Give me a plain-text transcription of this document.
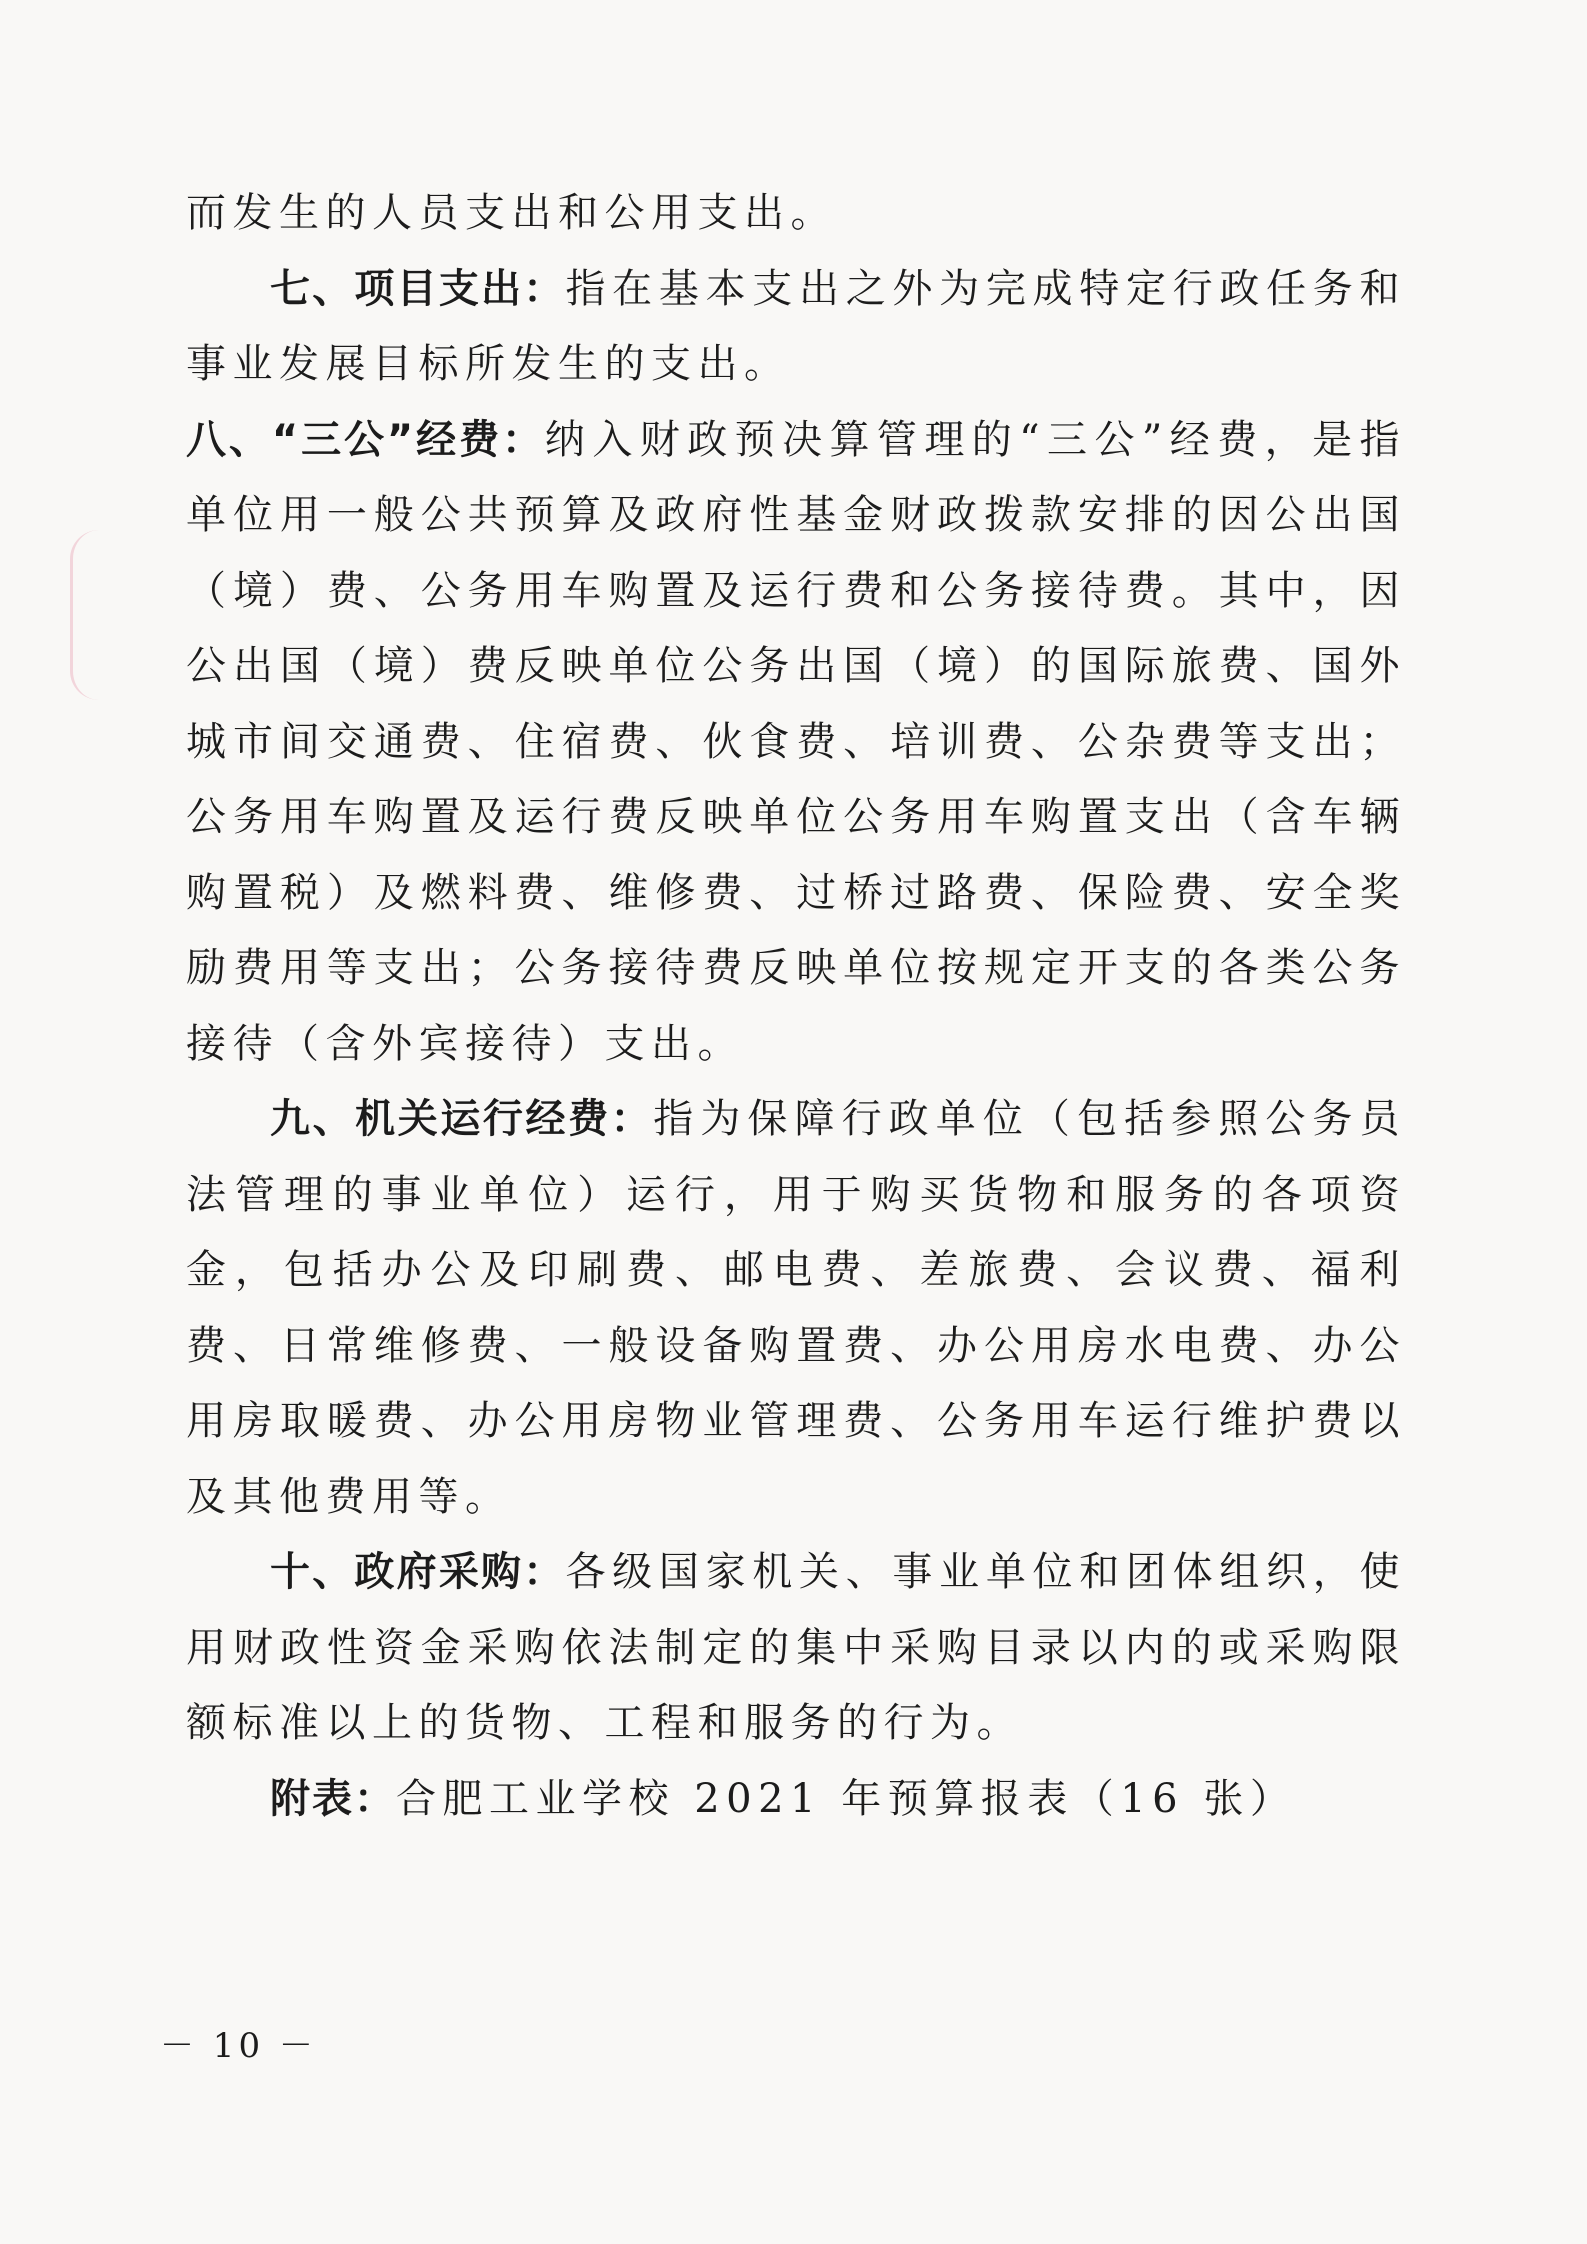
而发生的人员支出和公用支出。

七、项目支出：指在基本支出之外为完成特定行政任务和事业发展目标所发生的支出。

八、“三公”经费：纳入财政预决算管理的“三公”经费，是指单位用一般公共预算及政府性基金财政拨款安排的因公出国（境）费、公务用车购置及运行费和公务接待费。其中，因公出国（境）费反映单位公务出国（境）的国际旅费、国外城市间交通费、住宿费、伙食费、培训费、公杂费等支出；公务用车购置及运行费反映单位公务用车购置支出（含车辆购置税）及燃料费、维修费、过桥过路费、保险费、安全奖励费用等支出；公务接待费反映单位按规定开支的各类公务接待（含外宾接待）支出。

九、机关运行经费：指为保障行政单位（包括参照公务员法管理的事业单位）运行，用于购买货物和服务的各项资金，包括办公及印刷费、邮电费、差旅费、会议费、福利费、日常维修费、一般设备购置费、办公用房水电费、办公用房取暖费、办公用房物业管理费、公务用车运行维护费以及其他费用等。

十、政府采购：各级国家机关、事业单位和团体组织，使用财政性资金采购依法制定的集中采购目录以内的或采购限额标准以上的货物、工程和服务的行为。

附表：合肥工业学校 2021 年预算报表（16 张）

－ 10 －
